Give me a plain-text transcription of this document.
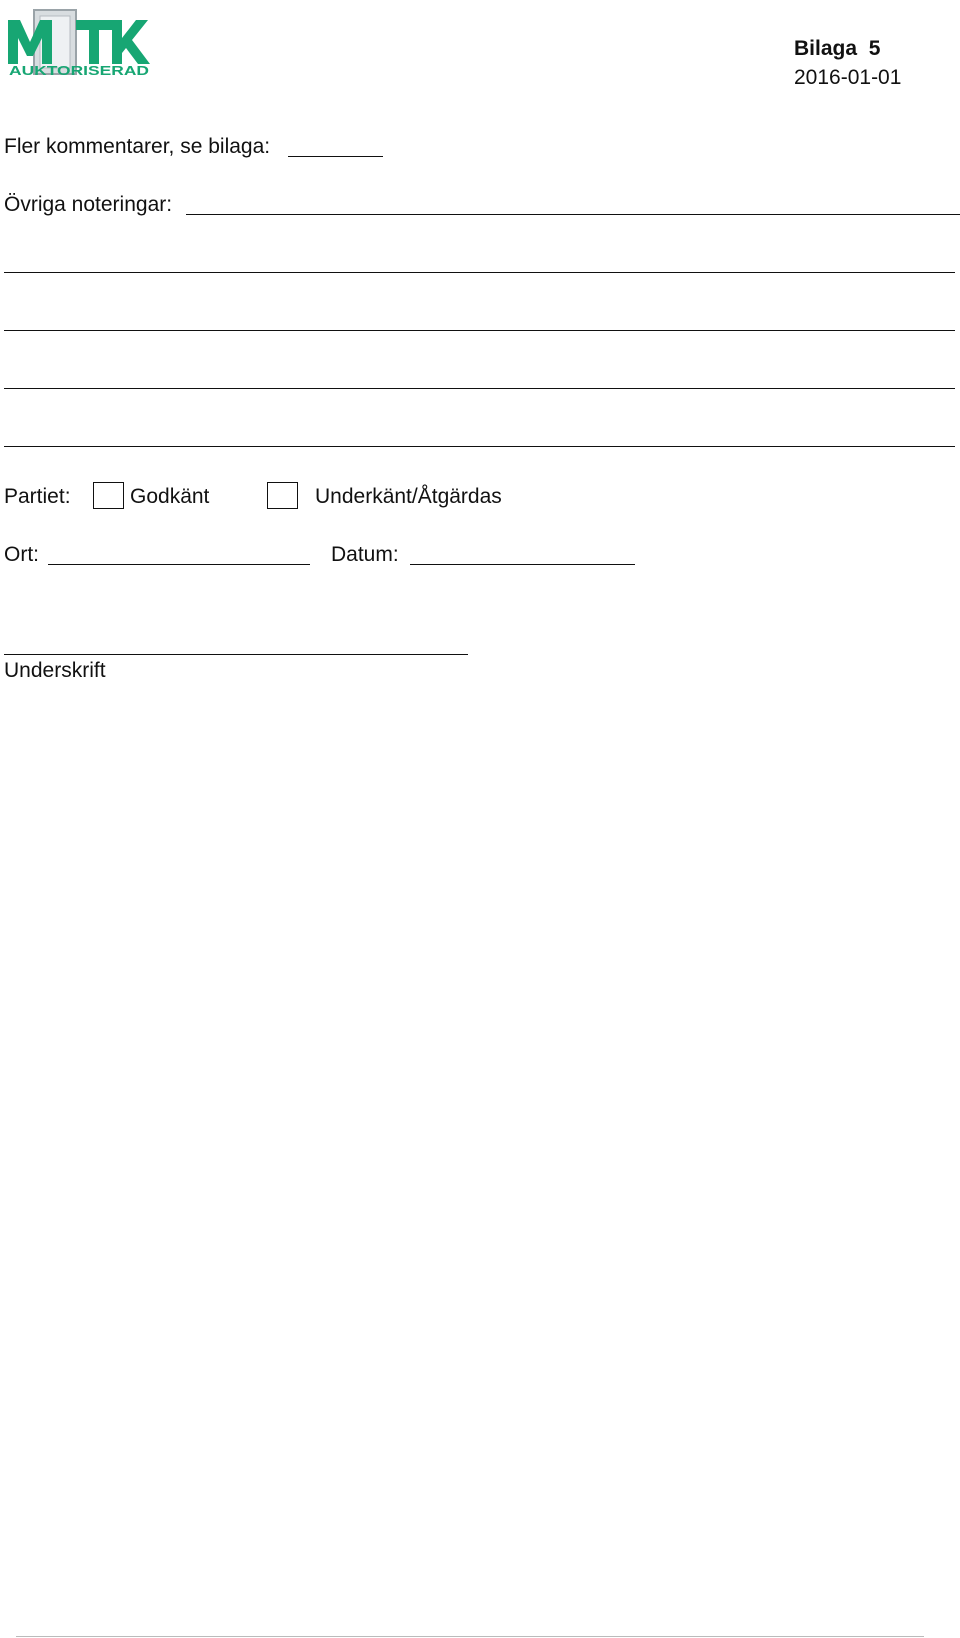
AUKTORISERAD
Bilaga  5
2016-01-01
Fler kommentarer, se bilaga:
Övriga noteringar:
Partiet:	Godkänt	Underkänt/Åtgärdas
Ort:	Datum:
Underskrift
